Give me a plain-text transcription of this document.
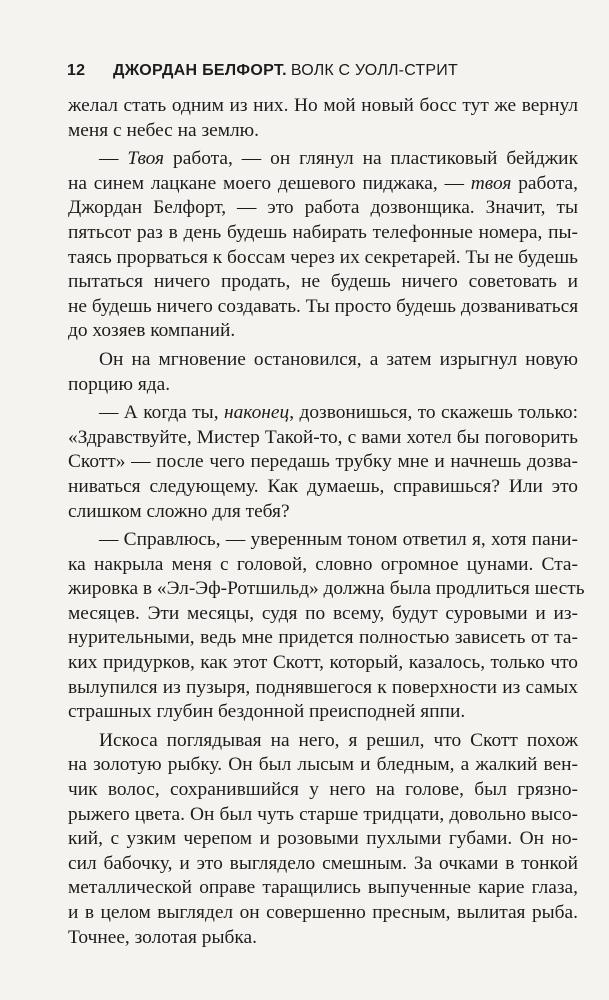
12 ДЖОРДАН БЕЛФОРТ. ВОЛК С УОЛЛ-СТРИТ
желал стать одним из них. Но мой новый босс тут же вернул
меня с небес на землю.
— Твоя работа, — он глянул на пластиковый бейджик
на синем лацкане моего дешевого пиджака, — твоя работа,
Джордан Белфорт, — это работа дозвонщика. Значит, ты
пятьсот раз в день будешь набирать телефонные номера, пы-
таясь прорваться к боссам через их секретарей. Ты не будешь
пытаться ничего продать, не будешь ничего советовать и
не будешь ничего создавать. Ты просто будешь дозваниваться
до хозяев компаний.
Он на мгновение остановился, а затем изрыгнул новую
порцию яда.
— А когда ты, наконец, дозвонишься, то скажешь только:
«Здравствуйте, Мистер Такой-то, с вами хотел бы поговорить
Скотт» — после чего передашь трубку мне и начнешь дозва-
ниваться следующему. Как думаешь, справишься? Или это
слишком сложно для тебя?
— Справлюсь, — уверенным тоном ответил я, хотя пани-
ка накрыла меня с головой, словно огромное цунами. Ста-
жировка в «Эл-Эф-Ротшильд» должна была продлиться шесть
месяцев. Эти месяцы, судя по всему, будут суровыми и из-
нурительными, ведь мне придется полностью зависеть от та-
ких придурков, как этот Скотт, который, казалось, только что
вылупился из пузыря, поднявшегося к поверхности из самых
страшных глубин бездонной преисподней яппи.
Искоса поглядывая на него, я решил, что Скотт похож
на золотую рыбку. Он был лысым и бледным, а жалкий вен-
чик волос, сохранившийся у него на голове, был грязно-
рыжего цвета. Он был чуть старше тридцати, довольно высо-
кий, с узким черепом и розовыми пухлыми губами. Он но-
сил бабочку, и это выглядело смешным. За очками в тонкой
металлической оправе таращились выпученные карие глаза,
и в целом выглядел он совершенно пресным, вылитая рыба.
Точнее, золотая рыбка.
